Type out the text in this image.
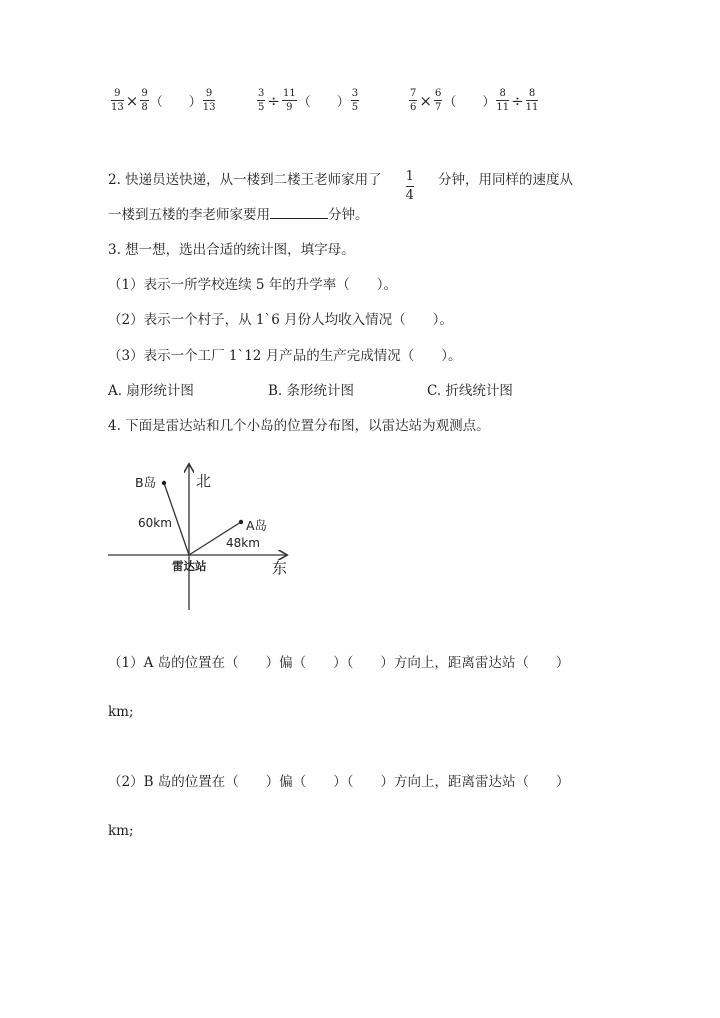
$\frac{9}{13} \times \frac{9}{8}$ （　　） $\frac{9}{13}$	$\frac{3}{5} \div \frac{11}{9}$ （　　） $\frac{3}{5}$	$\frac{7}{6} \times \frac{6}{7}$ （　　） $\frac{8}{11} \div \frac{8}{11}$
2. 快递员送快递，从一楼到二楼王老师家用了 $\frac{1}{4}$ 分钟，用同样的速度从
一楼到五楼的李老师家要用	分钟。
3. 想一想，选出合适的统计图，填字母。
（1）表示一所学校连续 5 年的升学率（　　）。
（2）表示一个村子，从 1`6 月份人均收入情况（　　）。
（3）表示一个工厂 1`12 月产品的生产完成情况（　　）。
A. 扇形统计图	B. 条形统计图	C. 折线统计图
4. 下面是雷达站和几个小岛的位置分布图，以雷达站为观测点。
北
东
B岛
A岛
60km
48km
雷达站
（1）A 岛的位置在（　　）偏（　　）（　　）方向上，距离雷达站（　　）
km;
（2）B 岛的位置在（　　）偏（　　）（　　）方向上，距离雷达站（　　）
km;
